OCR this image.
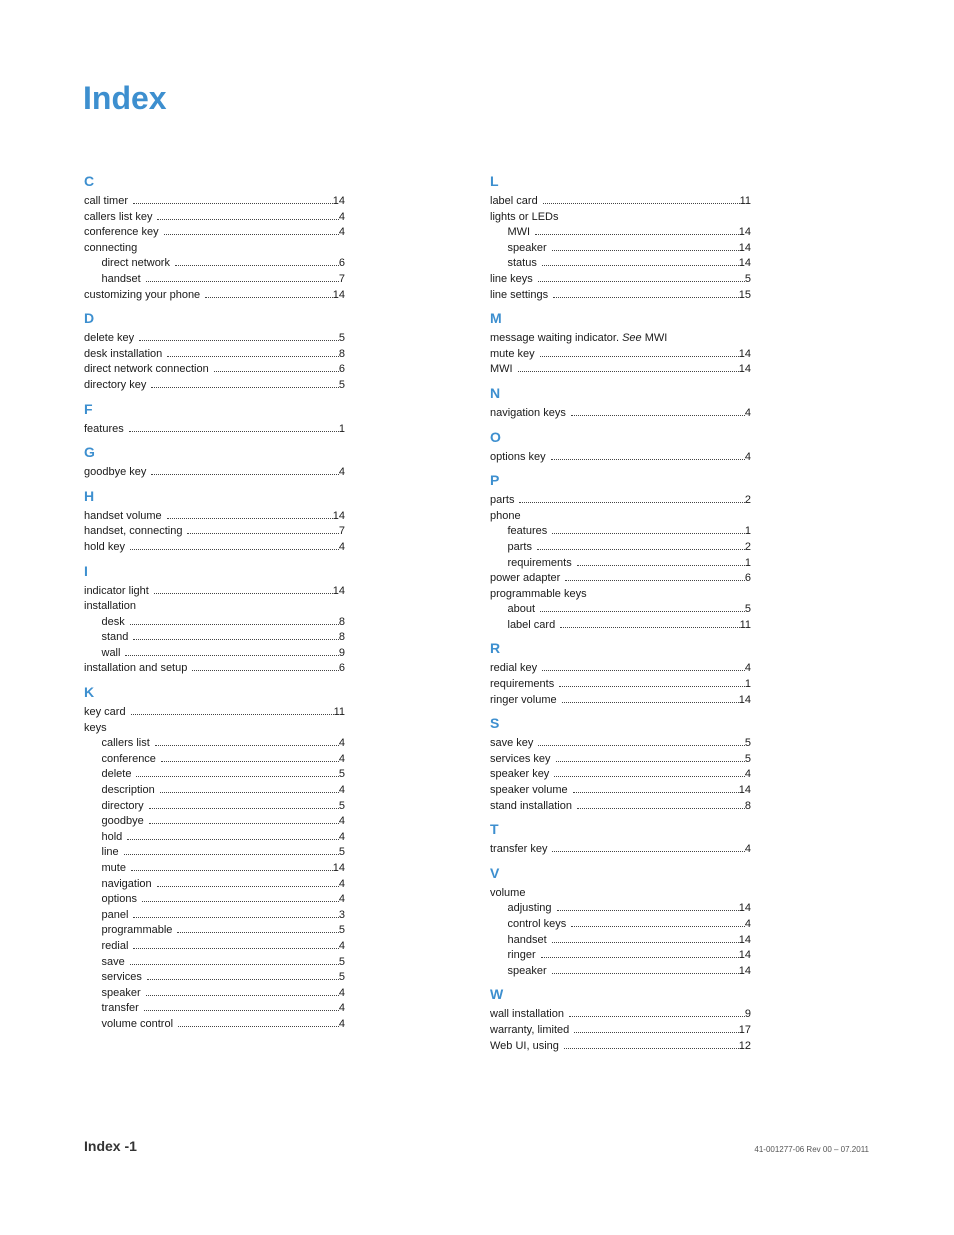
Index
C
call timer	14
callers list key	4
conference key	4
connecting
direct network	6
handset	7
customizing your phone	14
D
delete key	5
desk installation	8
direct network connection	6
directory key	5
F
features	1
G
goodbye key	4
H
handset volume	14
handset, connecting	7
hold key	4
I
indicator light	14
installation
desk	8
stand	8
wall	9
installation and setup	6
K
key card	11
keys
callers list	4
conference	4
delete	5
description	4
directory	5
goodbye	4
hold	4
line	5
mute	14
navigation	4
options	4
panel	3
programmable	5
redial	4
save	5
services	5
speaker	4
transfer	4
volume control	4
L
label card	11
lights or LEDs
MWI	14
speaker	14
status	14
line keys	5
line settings	15
M
message waiting indicator. See MWI
mute key	14
MWI	14
N
navigation keys	4
O
options key	4
P
parts	2
phone
features	1
parts	2
requirements	1
power adapter	6
programmable keys
about	5
label card	11
R
redial key	4
requirements	1
ringer volume	14
S
save key	5
services key	5
speaker key	4
speaker volume	14
stand installation	8
T
transfer key	4
V
volume
adjusting	14
control keys	4
handset	14
ringer	14
speaker	14
W
wall installation	9
warranty, limited	17
Web UI, using	12
Index -1	41-001277-06 Rev 00 – 07.2011
